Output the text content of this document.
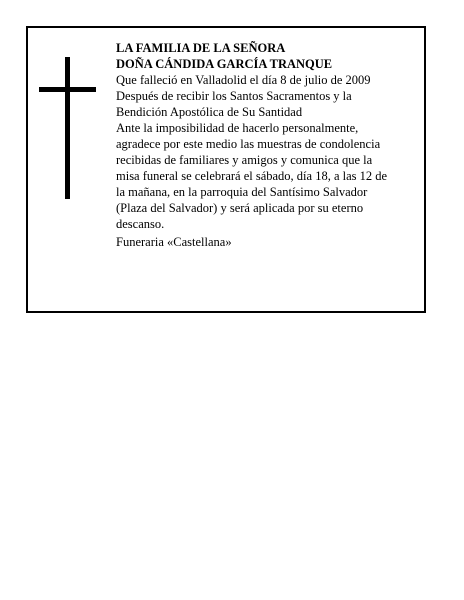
LA FAMILIA DE LA SEÑORA

DOÑA CÁNDIDA GARCÍA TRANQUE

Que falleció en Valladolid el día 8 de julio de 2009

Después de recibir los Santos Sacramentos y la

Bendición Apostólica de Su Santidad

Ante la imposibilidad de hacerlo personalmente,

agradece por este medio las muestras de condolencia

recibidas de familiares y amigos y comunica que la

misa funeral se celebrará el sábado, día 18, a las 12 de

la mañana, en la parroquia del Santísimo Salvador

(Plaza del Salvador) y será aplicada por su eterno

descanso.

Funeraria «Castellana»
